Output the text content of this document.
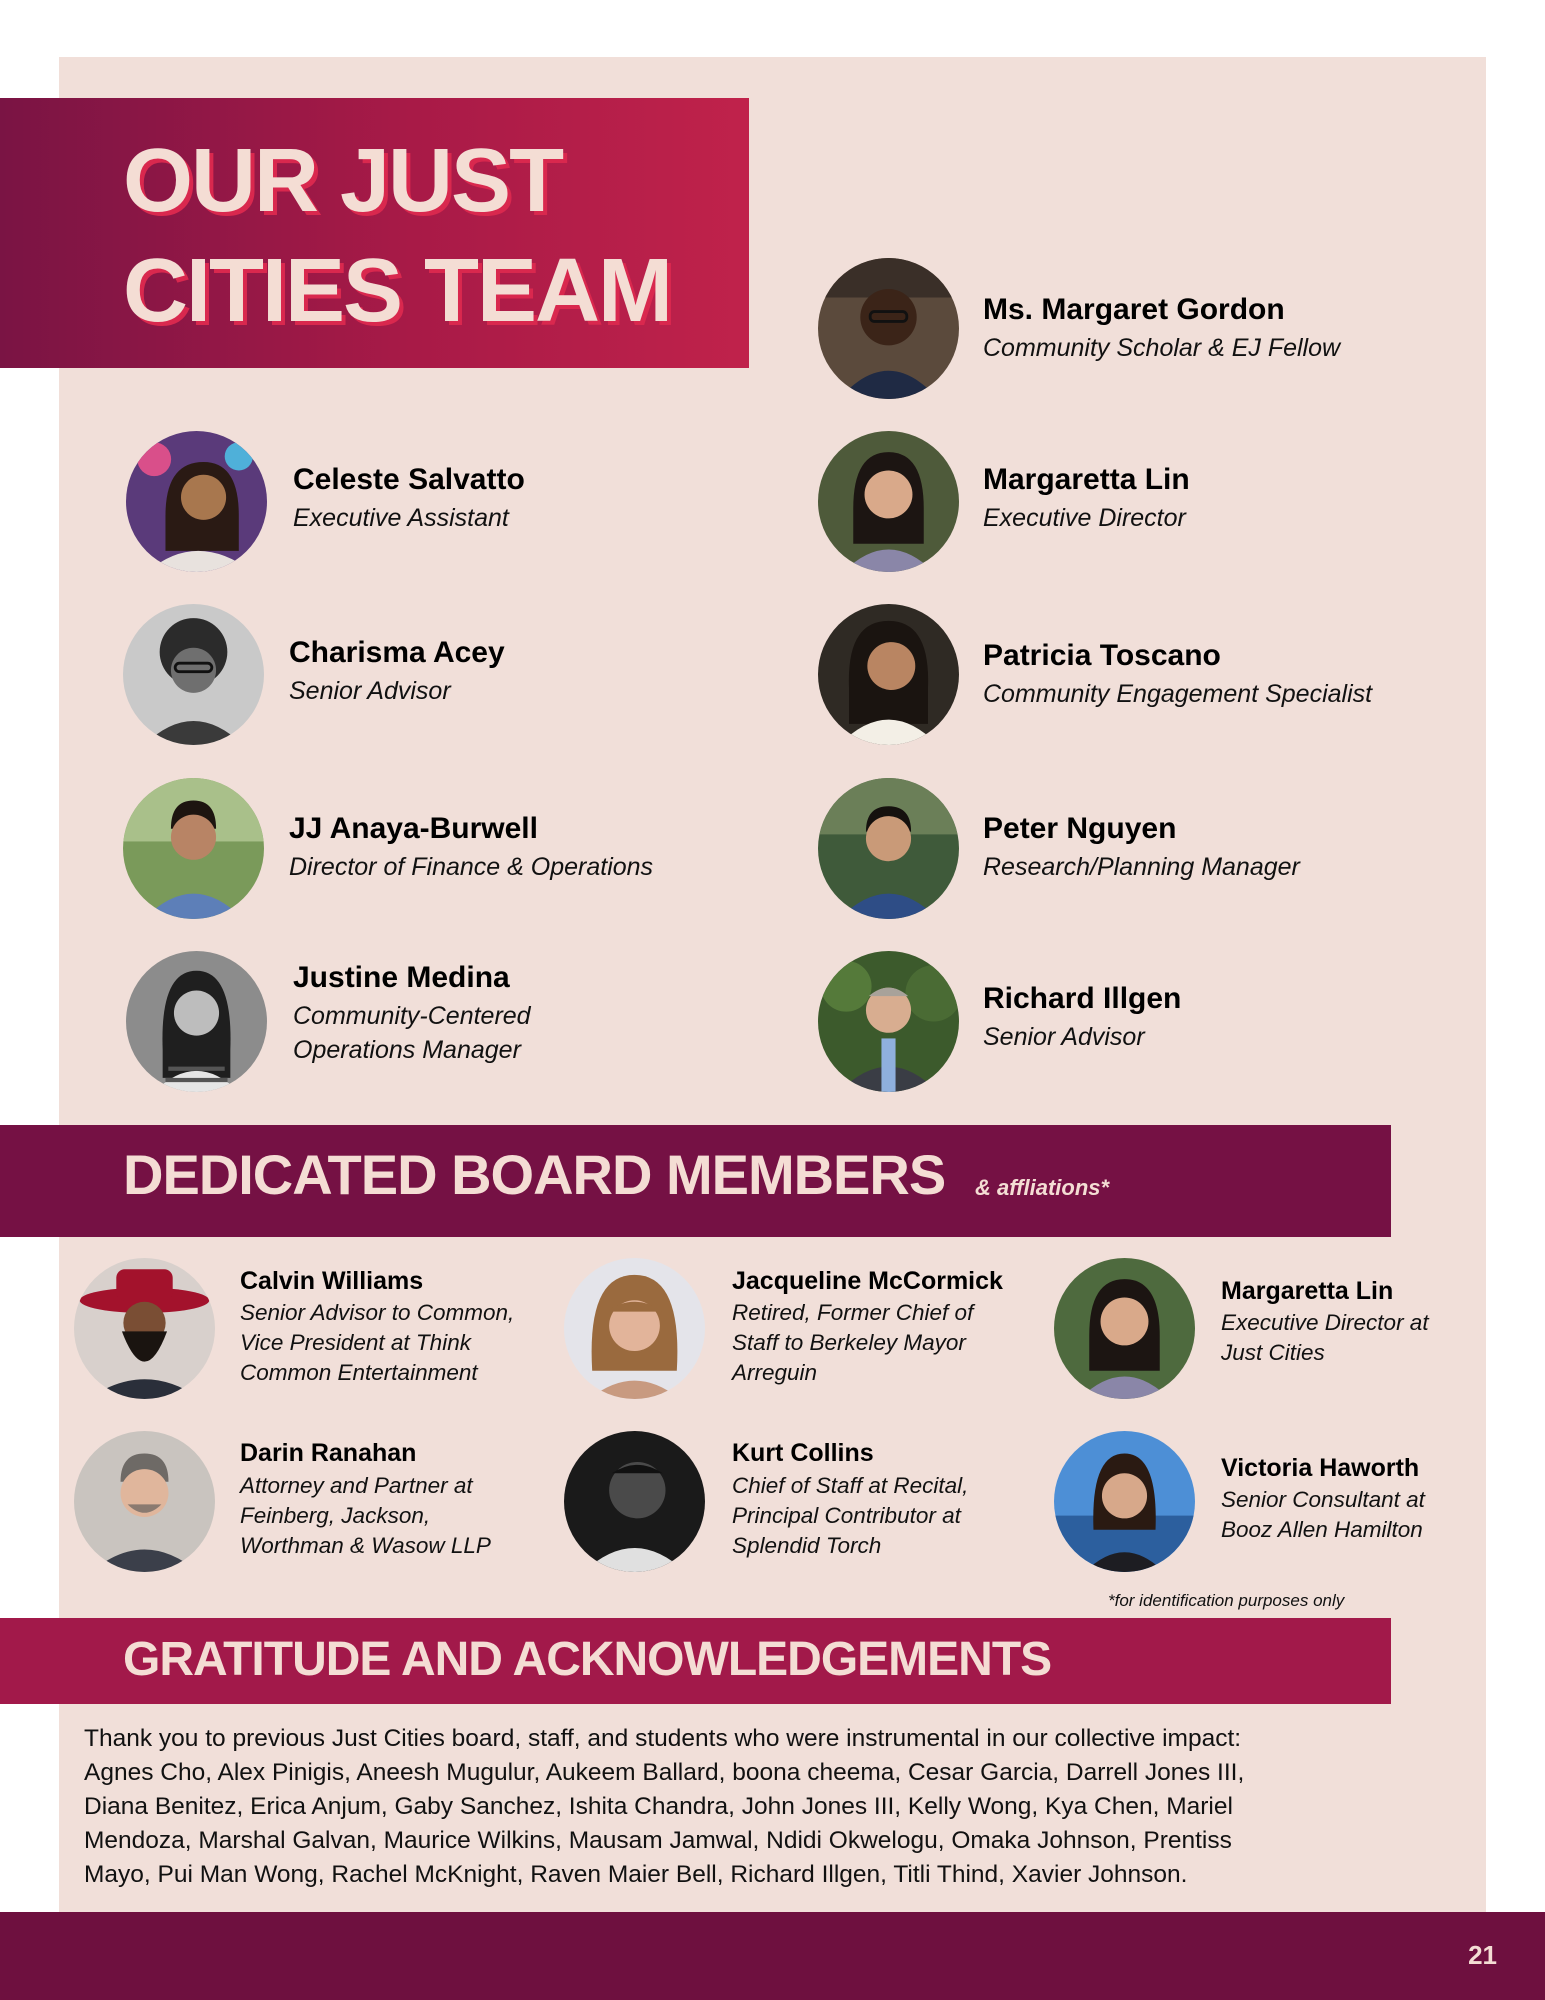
OUR JUST
CITIES TEAM	Ms. Margaret Gordon
Community Scholar & EJ Fellow
Margaretta Lin
Executive Director
Patricia Toscano
Community Engagement Specialist
Peter Nguyen
Research/Planning Manager
Richard Illgen
Senior Advisor
Celeste Salvatto
Executive Assistant
Charisma Acey
Senior Advisor
JJ Anaya-Burwell
Director of Finance & Operations
Justine Medina
Community-Centered
Operations Manager
DEDICATED BOARD MEMBERS & affliations*
Calvin Williams
Senior Advisor to Common,
Vice President at Think
Common Entertainment
Jacqueline McCormick
Retired, Former Chief of
Staff to Berkeley Mayor
Arreguin
Margaretta Lin
Executive Director at
Just Cities
Darin Ranahan
Attorney and Partner at
Feinberg, Jackson,
Worthman & Wasow LLP
Kurt Collins
Chief of Staff at Recital,
Principal Contributor at
Splendid Torch
Victoria Haworth
Senior Consultant at
Booz Allen Hamilton
*for identification purposes only
GRATITUDE AND ACKNOWLEDGEMENTS
Thank you to previous Just Cities board, staff, and students who were instrumental in our collective impact:
Agnes Cho, Alex Pinigis, Aneesh Mugulur, Aukeem Ballard, boona cheema, Cesar Garcia, Darrell Jones III,
Diana Benitez, Erica Anjum, Gaby Sanchez, Ishita Chandra, John Jones III, Kelly Wong, Kya Chen, Mariel
Mendoza, Marshal Galvan, Maurice Wilkins, Mausam Jamwal, Ndidi Okwelogu, Omaka Johnson, Prentiss
Mayo, Pui Man Wong, Rachel McKnight, Raven Maier Bell, Richard Illgen, Titli Thind, Xavier Johnson.
21
